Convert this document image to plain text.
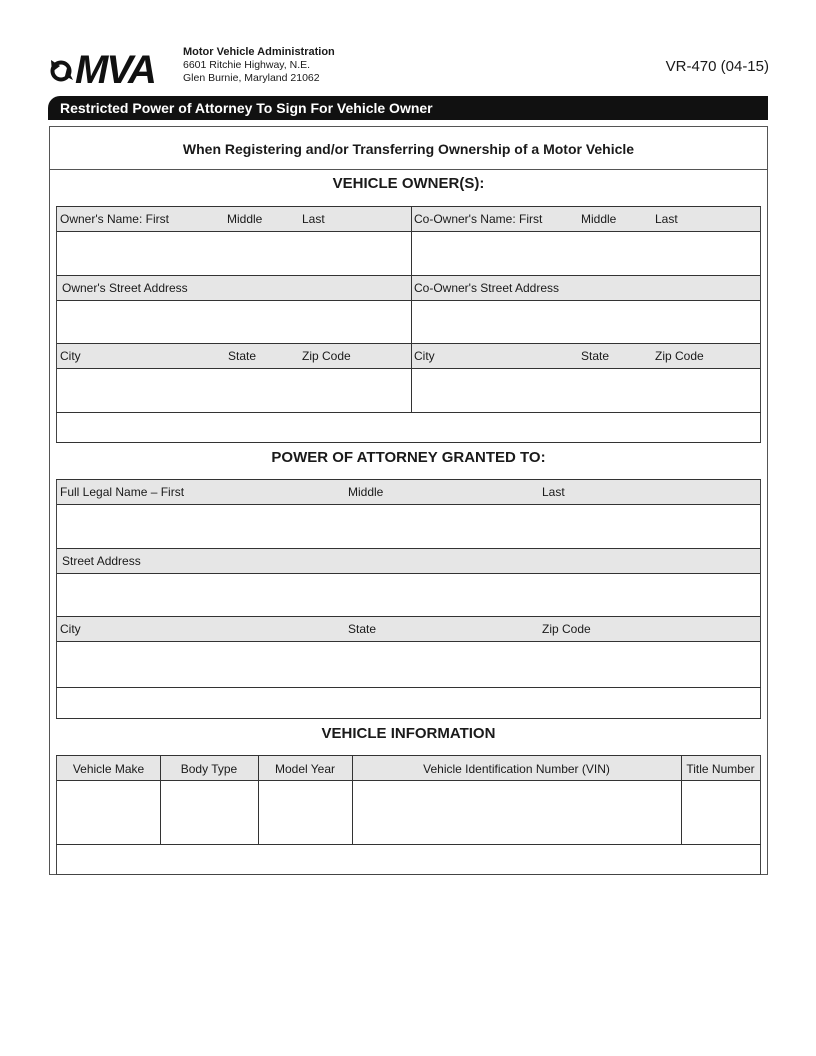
MVA	Motor Vehicle Administration
6601 Ritchie Highway, N.E.
Glen Burnie, Maryland 21062
VR-470 (04-15)
Restricted Power of Attorney To Sign For Vehicle Owner
When Registering and/or Transferring Ownership of a Motor Vehicle
VEHICLE OWNER(S):
Owner's Name: First	Middle	Last	Co-Owner's Name: First	Middle	Last
Owner's Street Address	Co-Owner's Street Address
City	State	Zip Code	City	State	Zip Code
POWER OF ATTORNEY GRANTED TO:
Full Legal Name – First	Middle	Last
Street Address
City	State	Zip Code
VEHICLE INFORMATION
Vehicle Make	Body Type	Model Year	Vehicle Identification Number (VIN)	Title Number
